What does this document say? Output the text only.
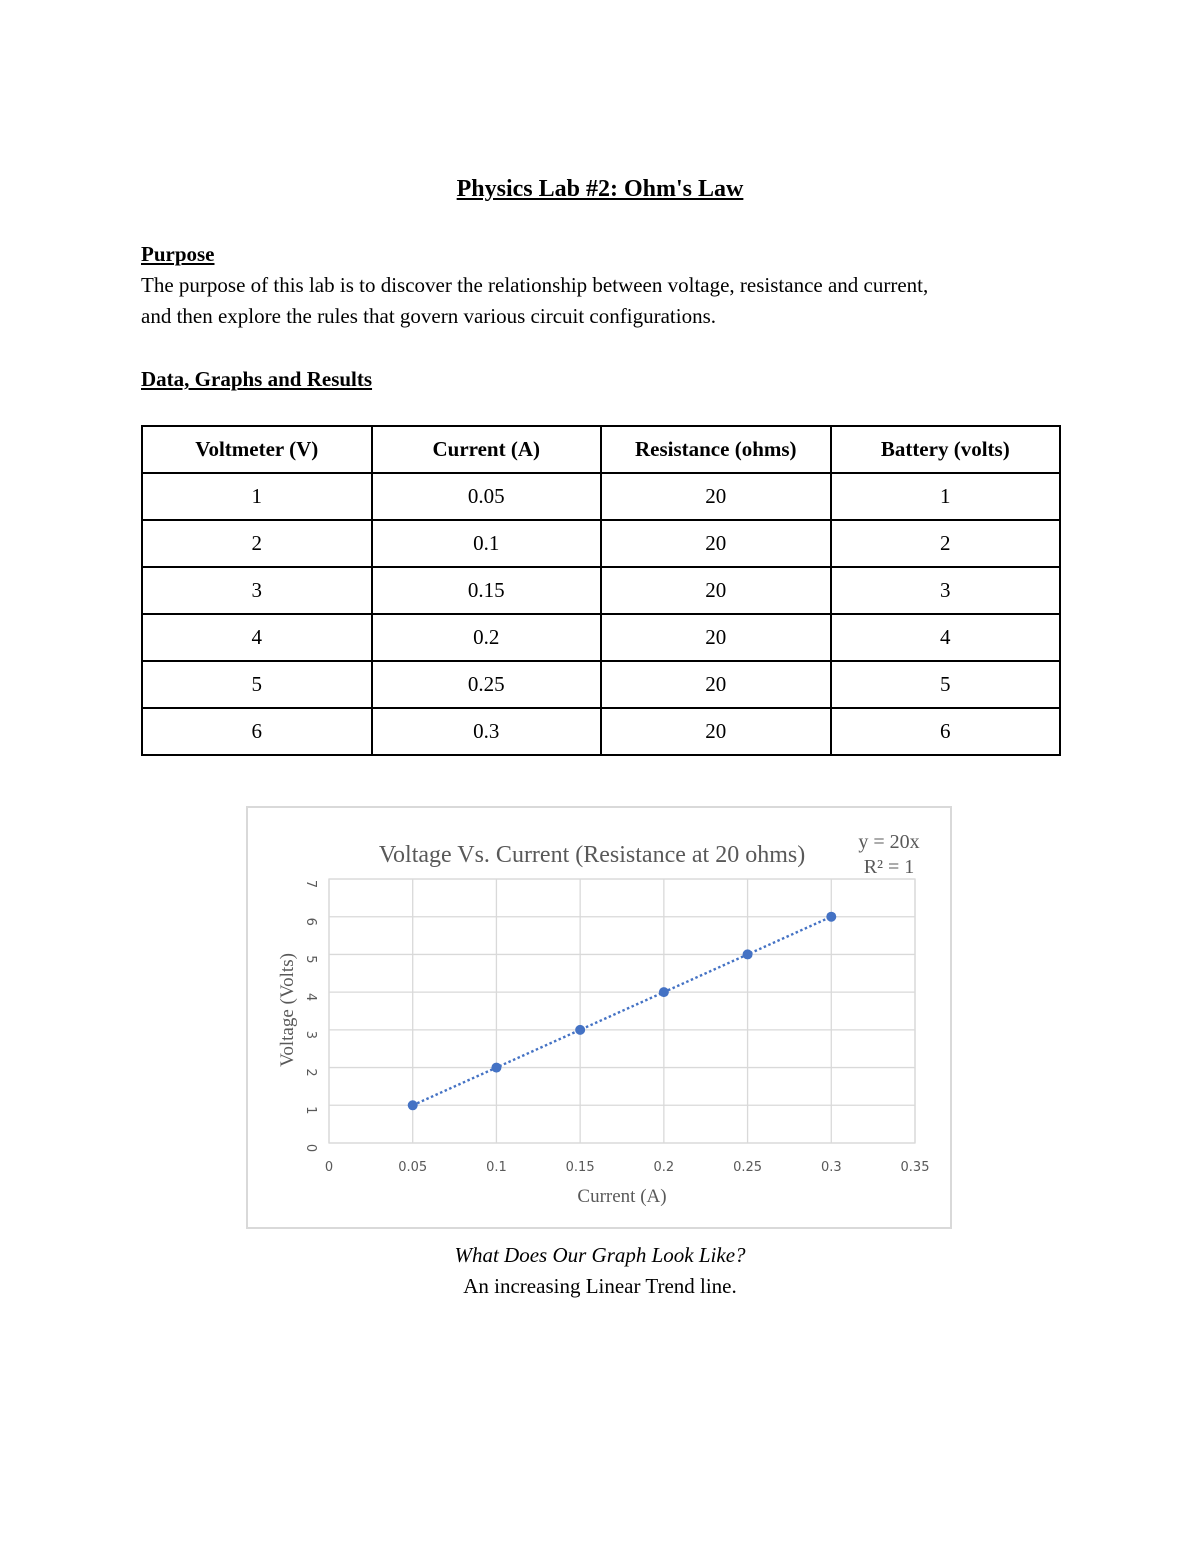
Physics Lab #2: Ohm's Law
Purpose
The purpose of this lab is to discover the relationship between voltage, resistance and current,
and then explore the rules that govern various circuit configurations.
Data, Graphs and Results
Voltmeter (V)	Current (A)	Resistance (ohms)	Battery (volts)
1	0.05	20	1
2	0.1	20	2
3	0.15	20	3
4	0.2	20	4
5	0.25	20	5
6	0.3	20	6
0
1
2
3
4
5
6
7
0	0.05	0.1	0.15	0.2	0.25	0.3	0.35
Voltage Vs. Current (Resistance at 20 ohms)	y = 20x
R² = 1
Current (A)
Voltage (Volts)
What Does Our Graph Look Like?
An increasing Linear Trend line.
